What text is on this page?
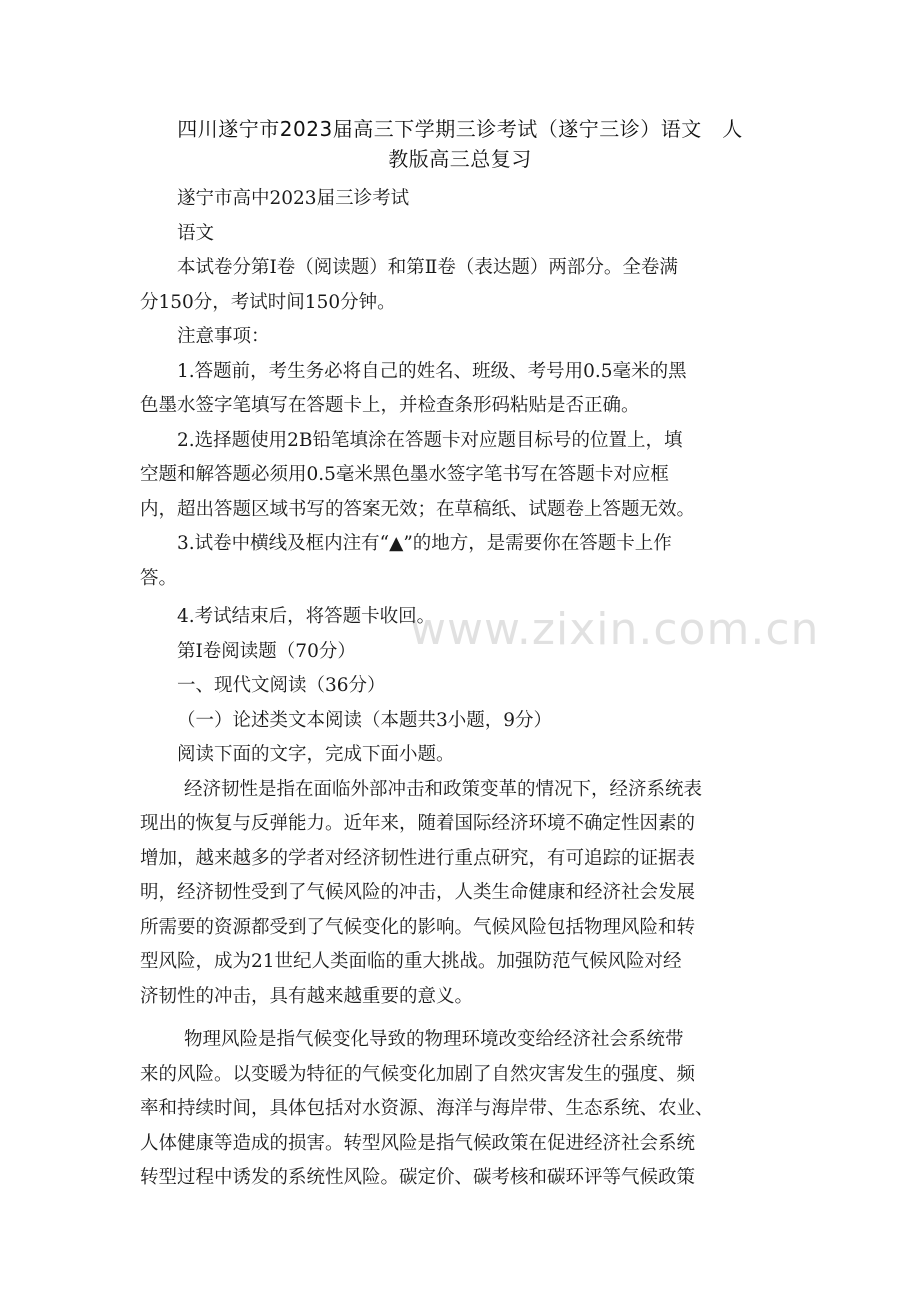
四川遂宁市2023届高三下学期三诊考试（遂宁三诊）语文　人
教版高三总复习
www.zixin.com.cn

遂宁市高中2023届三诊考试

语文

本试卷分第Ⅰ卷（阅读题）和第Ⅱ卷（表达题）两部分。全卷满

分150分，考试时间150分钟。

注意事项：

1.答题前，考生务必将自己的姓名、班级、考号用0.5毫米的黑

色墨水签字笔填写在答题卡上，并检查条形码粘贴是否正确。

2.选择题使用2B铅笔填涂在答题卡对应题目标号的位置上，填

空题和解答题必须用0.5毫米黑色墨水签字笔书写在答题卡对应框

内，超出答题区域书写的答案无效；在草稿纸、试题卷上答题无效。

3.试卷中横线及框内注有“▲”的地方，是需要你在答题卡上作

答。

4.考试结束后，将答题卡收回。

第Ⅰ卷阅读题（70分）

一、现代文阅读（36分）

（一）论述类文本阅读（本题共3小题，9分）

阅读下面的文字，完成下面小题。

经济韧性是指在面临外部冲击和政策变革的情况下，经济系统表

现出的恢复与反弹能力。近年来，随着国际经济环境不确定性因素的

增加，越来越多的学者对经济韧性进行重点研究，有可追踪的证据表

明，经济韧性受到了气候风险的冲击，人类生命健康和经济社会发展

所需要的资源都受到了气候变化的影响。气候风险包括物理风险和转

型风险，成为21世纪人类面临的重大挑战。加强防范气候风险对经

济韧性的冲击，具有越来越重要的意义。

物理风险是指气候变化导致的物理环境改变给经济社会系统带

来的风险。以变暖为特征的气候变化加剧了自然灾害发生的强度、频

率和持续时间，具体包括对水资源、海洋与海岸带、生态系统、农业、

人体健康等造成的损害。转型风险是指气候政策在促进经济社会系统

转型过程中诱发的系统性风险。碳定价、碳考核和碳环评等气候政策
